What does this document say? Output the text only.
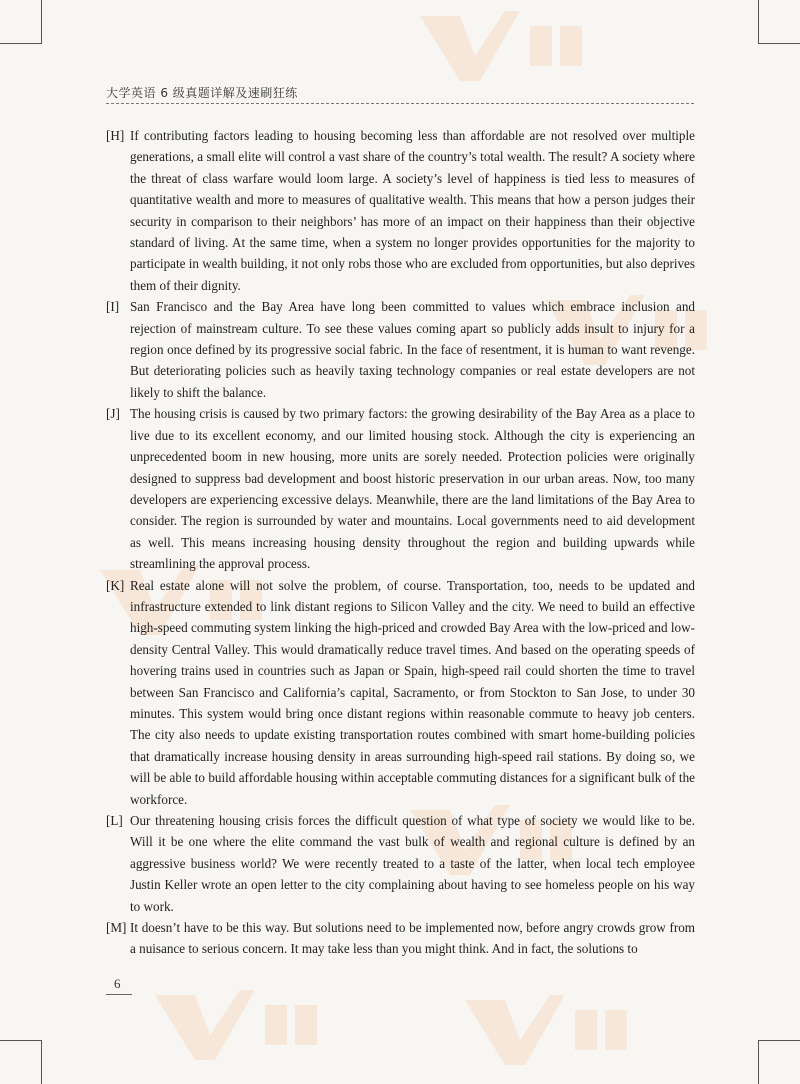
大学英语 6 级真题详解及速刷狂练
[H] If contributing factors leading to housing becoming less than affordable are not resolved over multiple generations, a small elite will control a vast share of the country’s total wealth. The result? A society where the threat of class warfare would loom large. A society’s level of happiness is tied less to measures of quantitative wealth and more to measures of qualitative wealth. This means that how a person judges their security in comparison to their neighbors’ has more of an impact on their happiness than their objective standard of living. At the same time, when a system no longer provides opportunities for the majority to participate in wealth building, it not only robs those who are excluded from opportunities, but also deprives them of their dignity.
[I] San Francisco and the Bay Area have long been committed to values which embrace inclusion and rejection of mainstream culture. To see these values coming apart so publicly adds insult to injury for a region once defined by its progressive social fabric. In the face of resentment, it is human to want revenge. But deteriorating policies such as heavily taxing technology companies or real estate developers are not likely to shift the balance.
[J] The housing crisis is caused by two primary factors: the growing desirability of the Bay Area as a place to live due to its excellent economy, and our limited housing stock. Although the city is experiencing an unprecedented boom in new housing, more units are sorely needed. Protection policies were originally designed to suppress bad development and boost historic preservation in our urban areas. Now, too many developers are experiencing excessive delays. Meanwhile, there are the land limitations of the Bay Area to consider. The region is surrounded by water and mountains. Local governments need to aid development as well. This means increasing housing density throughout the region and building upwards while streamlining the approval process.
[K] Real estate alone will not solve the problem, of course. Transportation, too, needs to be updated and infrastructure extended to link distant regions to Silicon Valley and the city. We need to build an effective high-speed commuting system linking the high-priced and crowded Bay Area with the low-priced and low-density Central Valley. This would dramatically reduce travel times. And based on the operating speeds of hovering trains used in countries such as Japan or Spain, high-speed rail could shorten the time to travel between San Francisco and California’s capital, Sacramento, or from Stockton to San Jose, to under 30 minutes. This system would bring once distant regions within reasonable commute to heavy job centers. The city also needs to update existing transportation routes combined with smart home-building policies that dramatically increase housing density in areas surrounding high-speed rail stations. By doing so, we will be able to build affordable housing within acceptable commuting distances for a significant bulk of the workforce.
[L] Our threatening housing crisis forces the difficult question of what type of society we would like to be. Will it be one where the elite command the vast bulk of wealth and regional culture is defined by an aggressive business world? We were recently treated to a taste of the latter, when local tech employee Justin Keller wrote an open letter to the city complaining about having to see homeless people on his way to work.
[M] It doesn’t have to be this way. But solutions need to be implemented now, before angry crowds grow from a nuisance to serious concern. It may take less than you might think. And in fact, the solutions to
6
